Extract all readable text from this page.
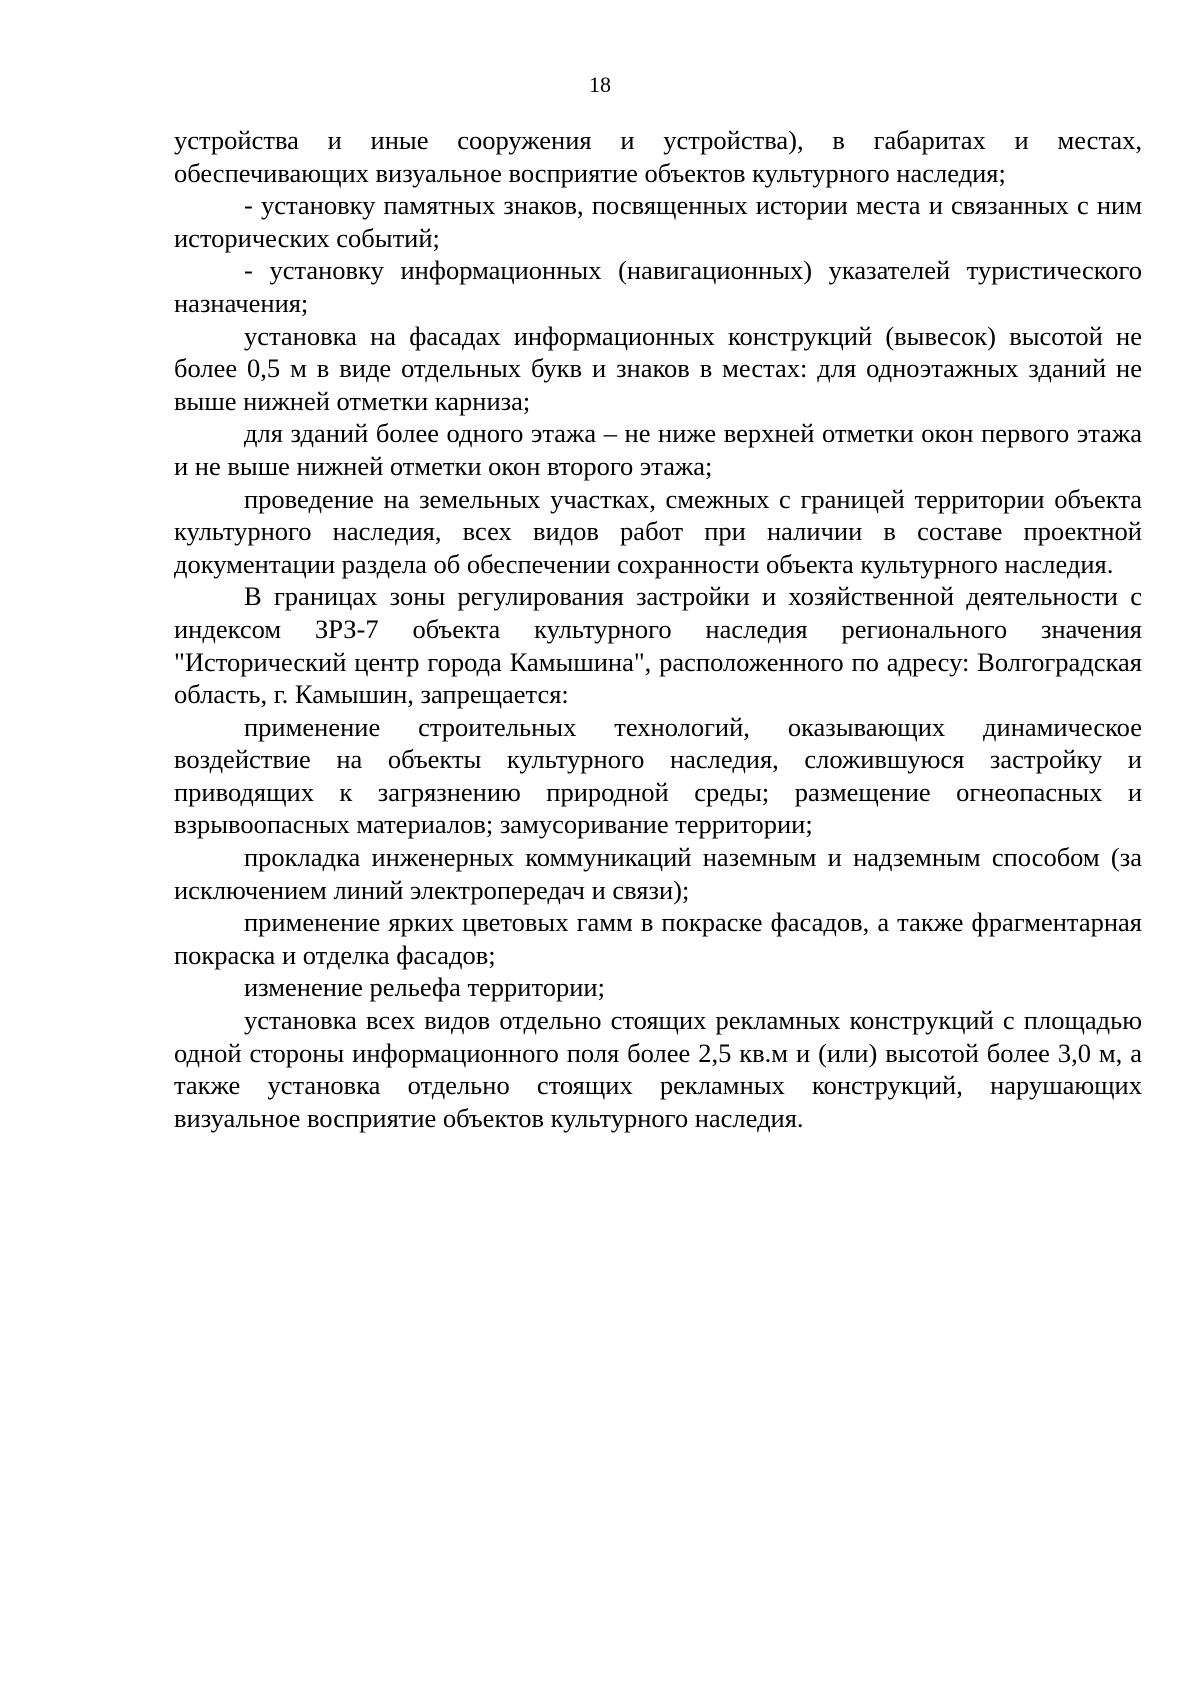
18

устройства и иные сооружения и устройства), в габаритах и местах, обеспечивающих визуальное восприятие объектов культурного наследия;

- установку памятных знаков, посвященных истории места и связанных с ним исторических событий;

- установку информационных (навигационных) указателей туристического назначения;

установка на фасадах информационных конструкций (вывесок) высотой не более 0,5 м в виде отдельных букв и знаков в местах: для одноэтажных зданий не выше нижней отметки карниза;

для зданий более одного этажа – не ниже верхней отметки окон первого этажа и не выше нижней отметки окон второго этажа;

проведение на земельных участках, смежных с границей территории объекта культурного наследия, всех видов работ при наличии в составе проектной документации раздела об обеспечении сохранности объекта культурного наследия.

В границах зоны регулирования застройки и хозяйственной деятельности с индексом ЗРЗ-7 объекта культурного наследия регионального значения "Исторический центр города Камышина", расположенного по адресу: Волгоградская область, г. Камышин, запрещается:

применение строительных технологий, оказывающих динамическое воздействие на объекты культурного наследия, сложившуюся застройку и приводящих к загрязнению природной среды; размещение огнеопасных и взрывоопасных материалов; замусоривание территории;

прокладка инженерных коммуникаций наземным и надземным способом (за исключением линий электропередач и связи);

применение ярких цветовых гамм в покраске фасадов, а также фрагментарная покраска и отделка фасадов;

изменение рельефа территории;

установка всех видов отдельно стоящих рекламных конструкций с площадью одной стороны информационного поля более 2,5 кв.м и (или) высотой более 3,0 м, а также установка отдельно стоящих рекламных конструкций, нарушающих визуальное восприятие объектов культурного наследия.
